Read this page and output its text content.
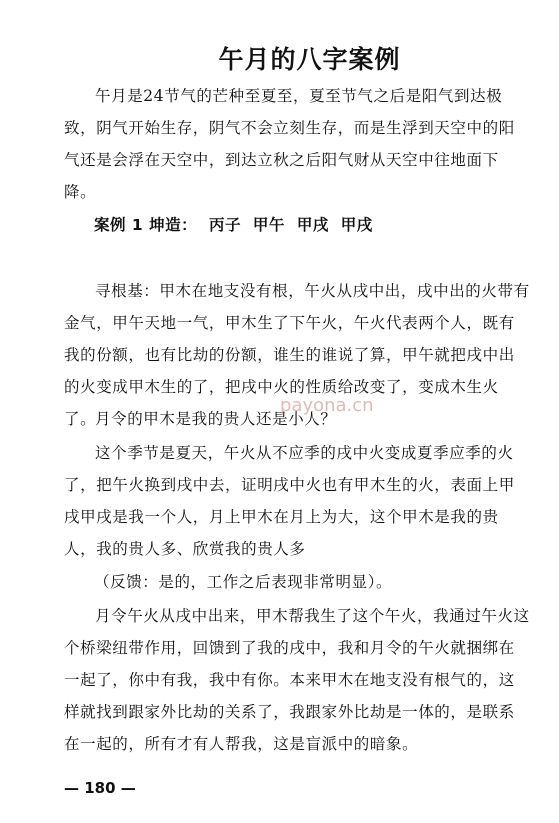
午月的八字案例
午月是24节气的芒种至夏至，夏至节气之后是阳气到达极致，阴气开始生存，阴气不会立刻生存，而是生浮到天空中的阳气还是会浮在天空中，到达立秋之后阳气财从天空中往地面下降。
案例 1 坤造： 丙子 甲午 甲戌 甲戌
寻根基：甲木在地支没有根，午火从戌中出，戌中出的火带有金气，甲午天地一气，甲木生了下午火，午火代表两个人，既有我的份额，也有比劫的份额，谁生的谁说了算，甲午就把戌中出的火变成甲木生的了，把戌中火的性质给改变了，变成木生火了。
月令的甲木是我的贵人还是小人？
这个季节是夏天，午火从不应季的戌中火变成夏季应季的火了，把午火换到戌中去，证明戌中火也有甲木生的火，表面上甲戌甲戌是我一个人，月上甲木在月上为大，这个甲木是我的贵人，我的贵人多、欣赏我的贵人多
（反馈：是的，工作之后表现非常明显）。
月令午火从戌中出来，甲木帮我生了这个午火，我通过午火这个桥梁纽带作用，回馈到了我的戌中，我和月令的午火就捆绑在一起了，你中有我，我中有你。本来甲木在地支没有根气的，这样就找到跟家外比劫的关系了，我跟家外比劫是一体的，是联系在一起的，所有才有人帮我，这是盲派中的暗象。
payona.cn
— 180 —
